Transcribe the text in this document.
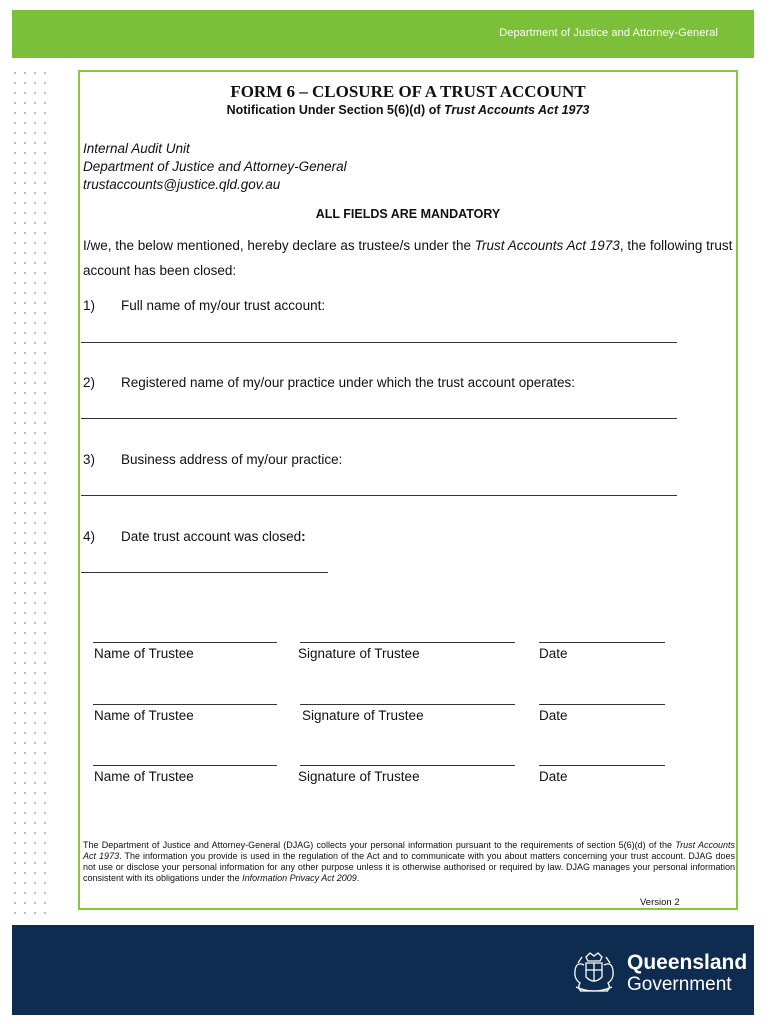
Department of Justice and Attorney-General
FORM 6 – CLOSURE OF A TRUST ACCOUNT
Notification Under Section 5(6)(d) of Trust Accounts Act 1973
Internal Audit Unit
Department of Justice and Attorney-General
trustaccounts@justice.qld.gov.au
ALL FIELDS ARE MANDATORY
I/we, the below mentioned, hereby declare as trustee/s under the Trust Accounts Act 1973, the following trust account has been closed:
1) Full name of my/our trust account:
2) Registered name of my/our practice under which the trust account operates:
3) Business address of my/our practice:
4) Date trust account was closed:
Name of Trustee	Signature of Trustee	Date
Name of Trustee	Signature of Trustee	Date
Name of Trustee	Signature of Trustee	Date
The Department of Justice and Attorney-General (DJAG) collects your personal information pursuant to the requirements of section 5(6)(d) of the Trust Accounts Act 1973. The information you provide is used in the regulation of the Act and to communicate with you about matters concerning your trust account. DJAG does not use or disclose your personal information for any other purpose unless it is otherwise authorised or required by law. DJAG manages your personal information consistent with its obligations under the Information Privacy Act 2009.
Version 2
Queensland
Government
